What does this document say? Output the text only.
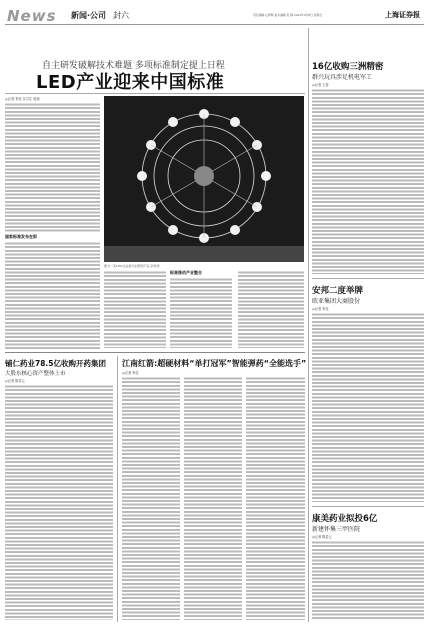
News 新闻·公司 封六	责任编辑:汪修晖 美术编辑:吴 静 2012年4月8日 星期日	上海证券报
自主研发破解技术难题 多项标准制定提上日程
LED产业迎来中国标准
◎记者 李佳 实习生 郭迪
国家标准发布在即
图为一家LED企业展示的照明产品 资料图
标准推动产业整合
16亿收购三洲精密
群兴玩具涉足机电军工
◎记者 王春
安邦二度举牌
欧亚集团大商股份
◎记者 李佳
康美药业拟投6亿
新建怀集三甲医院
◎记者 陈若云
铺仁药业78.5亿收购开药集团
大股东核心资产整体上市
◎记者 陈若云
江南红箭:超硬材料“单打冠军”智能弹药“全能选手”
◎记者 李佳
